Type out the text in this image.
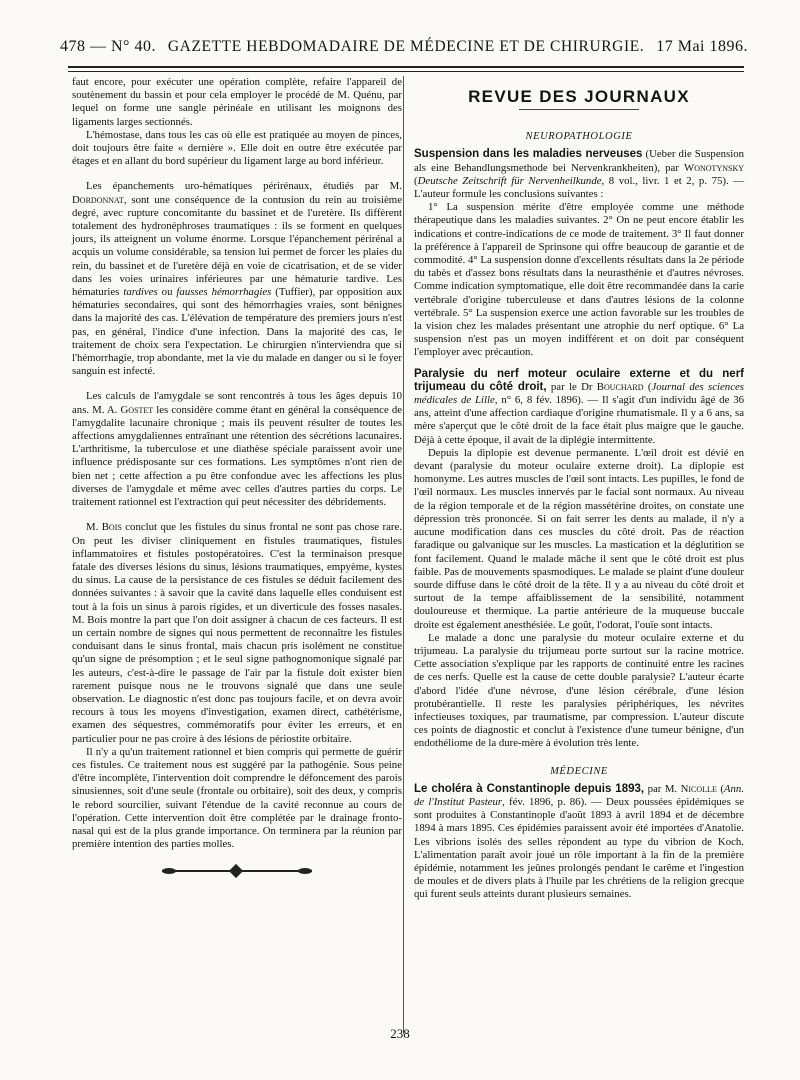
478 — N° 40. GAZETTE HEBDOMADAIRE DE MÉDECINE ET DE CHIRURGIE. 17 Mai 1896.

faut encore, pour exécuter une opération complète, refaire l'appareil de soutènement du bassin et pour cela employer le procédé de M. Quénu, par lequel on forme une sangle périnéale en utilisant les moignons des ligaments larges sectionnés.

L'hémostase, dans tous les cas où elle est pratiquée au moyen de pinces, doit toujours être faite « dernière ». Elle doit en outre être exécutée par étages et en allant du bord supérieur du ligament large au bord inférieur.

Les épanchements uro-hématiques périrénaux, étudiés par M. Dordonnat, sont une conséquence de la contusion du rein au troisième degré, avec rupture concomitante du bassinet et de l'uretère. Ils diffèrent totalement des hydronéphroses traumatiques : ils se forment en quelques jours, ils atteignent un volume énorme. Lorsque l'épanchement périrénal a acquis un volume considérable, sa tension lui permet de forcer les plaies du rein, du bassinet et de l'uretère déjà en voie de cicatrisation, et de se vider dans les voies urinaires inférieures par une hématurie tardive. Les hématuries tardives ou fausses hémorrhagies (Tuffier), par opposition aux hématuries secondaires, qui sont des hémorrhagies vraies, sont bénignes dans la majorité des cas. L'élévation de température des premiers jours n'est pas, en général, l'indice d'une infection. Dans la majorité des cas, le traitement de choix sera l'expectation. Le chirurgien n'interviendra que si l'hémorrhagie, trop abondante, met la vie du malade en danger ou si le foyer sanguin est infecté.

Les calculs de l'amygdale se sont rencontrés à tous les âges depuis 10 ans. M. A. Gostet les considère comme étant en général la conséquence de l'amygdalite lacunaire chronique ; mais ils peuvent résulter de toutes les affections amygdaliennes entraînant une rétention des sécrétions lacunaires. L'arthritisme, la tuberculose et une diathèse spéciale paraissent avoir une influence prédisposante sur ces formations. Les symptômes n'ont rien de bien net ; cette affection a pu être confondue avec les affections les plus diverses de l'amygdale et même avec celles d'autres parties du corps. Le traitement rationnel est l'extraction qui peut nécessiter des débridements.

M. Bois conclut que les fistules du sinus frontal ne sont pas chose rare. On peut les diviser cliniquement en fistules traumatiques, fistules inflammatoires et fistules postopératoires. C'est la terminaison presque fatale des diverses lésions du sinus, lésions traumatiques, empyème, kystes du sinus. La cause de la persistance de ces fistules se déduit facilement des données suivantes : à savoir que la cavité dans laquelle elles conduisent est tout à la fois un sinus à parois rigides, et un diverticule des fosses nasales. M. Bois montre la part que l'on doit assigner à chacun de ces facteurs. Il est un certain nombre de signes qui nous permettent de reconnaître les fistules conduisant dans le sinus frontal, mais chacun pris isolément ne constitue qu'un signe de présomption ; et le seul signe pathognomonique signalé par les auteurs, c'est-à-dire le passage de l'air par la fistule doit exister bien rarement puisque nous ne le trouvons signalé que dans une seule observation. Le diagnostic n'est donc pas toujours facile, et on devra avoir recours à tous les moyens d'investigation, examen direct, cathétérisme, examen des séquestres, commémoratifs pour éviter les erreurs, et en particulier pour ne pas croire à des lésions de périostite orbitaire.

Il n'y a qu'un traitement rationnel et bien compris qui permette de guérir ces fistules. Ce traitement nous est suggéré par la pathogénie. Sous peine d'être incomplète, l'intervention doit comprendre le défoncement des parois sinusiennes, soit d'une seule (frontale ou orbitaire), soit des deux, y compris le rebord sourcilier, suivant l'étendue de la cavité reconnue au cours de l'opération. Cette intervention doit être complétée par le drainage fronto-nasal qui est de la plus grande importance. On terminera par la réunion par première intention des parties molles.

REVUE DES JOURNAUX
NEUROPATHOLOGIE

Suspension dans les maladies nerveuses (Ueber die Suspension als eine Behandlungsmethode bei Nervenkrankheiten), par Wonotynsky (Deutsche Zeitschrift für Nervenheilkunde, 8 vol., livr. 1 et 2, p. 75). — L'auteur formule les conclusions suivantes :

1° La suspension mérite d'être employée comme une méthode thérapeutique dans les maladies suivantes. 2° On ne peut encore établir les indications et contre-indications de ce mode de traitement. 3° Il faut donner la préférence à l'appareil de Sprinsone qui offre beaucoup de garantie et de commodité. 4° La suspension donne d'excellents résultats dans la 2e période du tabès et d'assez bons résultats dans la neurasthénie et d'autres névroses. Comme indication symptomatique, elle doit être recommandée dans la carie vertébrale d'origine tuberculeuse et dans d'autres lésions de la colonne vertébrale. 5° La suspension exerce une action favorable sur les troubles de la vision chez les malades présentant une atrophie du nerf optique. 6° La suspension n'est pas un moyen indifférent et on doit par conséquent l'employer avec précaution.

Paralysie du nerf moteur oculaire externe et du nerf trijumeau du côté droit, par le Dr Bouchard (Journal des sciences médicales de Lille, n° 6, 8 fév. 1896). — Il s'agit d'un individu âgé de 36 ans, atteint d'une affection cardiaque d'origine rhumatismale. Il y a 6 ans, sa mère s'aperçut que le côté droit de la face était plus maigre que le gauche. Déjà à cette époque, il avait de la diplégie intermittente.

Depuis la diplopie est devenue permanente. L'œil droit est dévié en devant (paralysie du moteur oculaire externe droit). La diplopie est homonyme. Les autres muscles de l'œil sont intacts. Les pupilles, le fond de l'œil normaux. Les muscles innervés par le facial sont normaux. Au niveau de la région temporale et de la région massétérine droites, on constate une dépression très prononcée. Si on fait serrer les dents au malade, il n'y a aucune modification dans ces muscles du côté droit. Pas de réaction faradique ou galvanique sur les muscles. La mastication et la déglutition se font facilement. Quand le malade mâche il sent que le côté droit est plus faible. Pas de mouvements spasmodiques. Le malade se plaint d'une douleur sourde diffuse dans le côté droit de la tête. Il y a au niveau du côté droit et surtout de la tempe affaiblissement de la sensibilité, notamment douloureuse et thermique. La partie antérieure de la muqueuse buccale droite est également anesthésiée. Le goût, l'odorat, l'ouïe sont intacts.

Le malade a donc une paralysie du moteur oculaire externe et du trijumeau. La paralysie du trijumeau porte surtout sur la racine motrice. Cette association s'explique par les rapports de continuité entre les racines de ces nerfs. Quelle est la cause de cette double paralysie? L'auteur écarte d'abord l'idée d'une névrose, d'une lésion cérébrale, d'une lésion protubérantielle. Il reste les paralysies périphériques, les névrites infectieuses toxiques, par traumatisme, par compression. L'auteur discute ces points de diagnostic et conclut à l'existence d'une tumeur bénigne, d'un endothéliome de la dure-mère à évolution très lente.

MÉDECINE

Le choléra à Constantinople depuis 1893, par M. Nicolle (Ann. de l'Institut Pasteur, fév. 1896, p. 86). — Deux poussées épidémiques se sont produites à Constantinople d'août 1893 à avril 1894 et de décembre 1894 à mars 1895. Ces épidémies paraissent avoir été importées d'Anatolie. Les vibrions isolés des selles répondent au type du vibrion de Koch. L'alimentation paraît avoir joué un rôle important à la fin de la première épidémie, notamment les jeûnes prolongés pendant le carême et l'ingestion de moules et de divers plats à l'huile par les chrétiens de la religion grecque qui furent seuls atteints durant plusieurs semaines.

238
